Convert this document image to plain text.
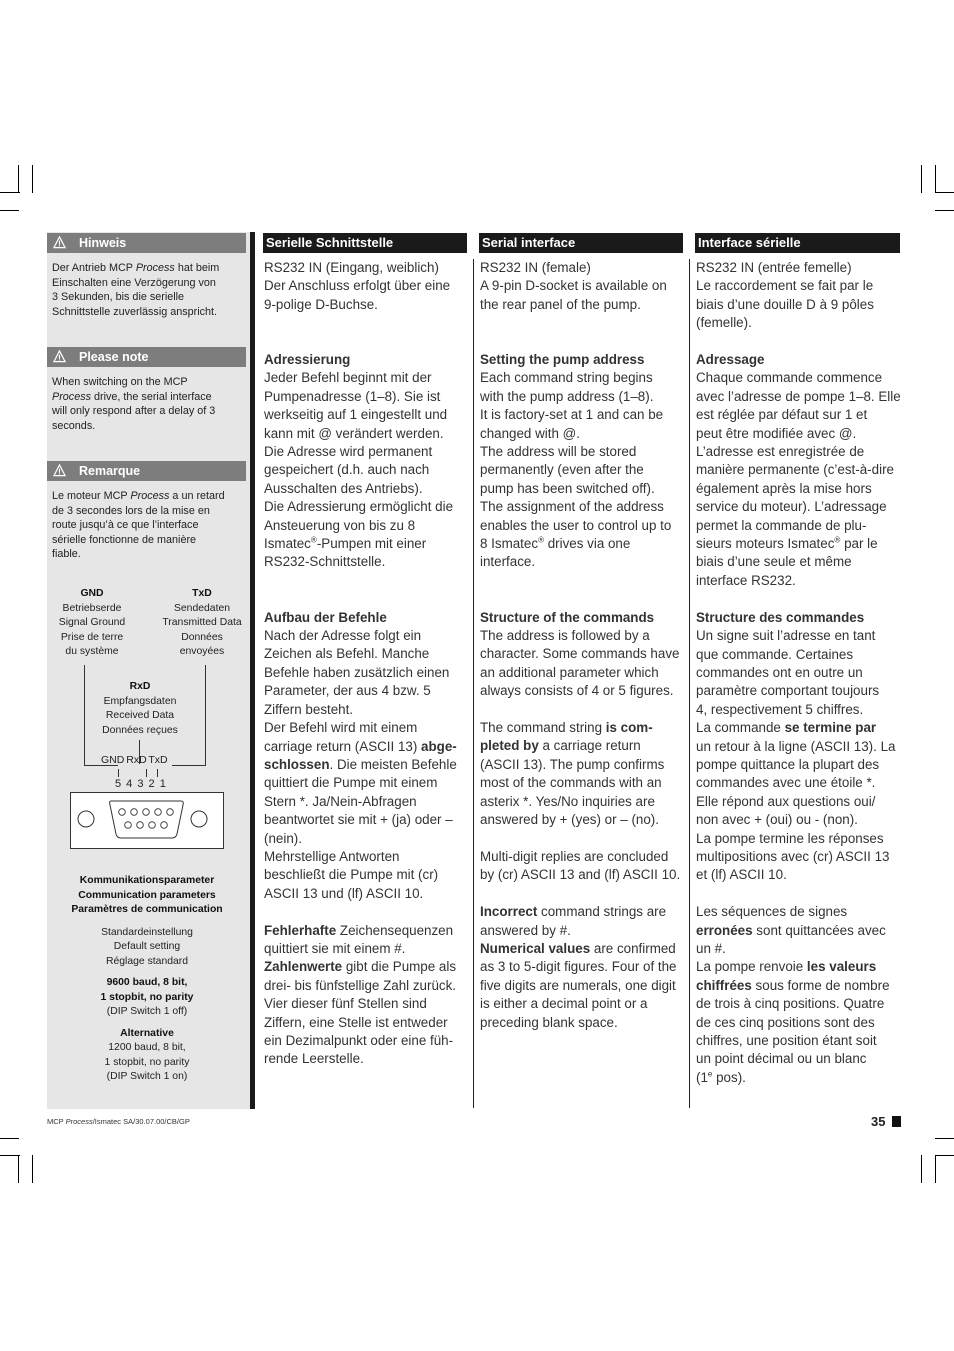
Hinweis
Der Antrieb MCP Process hat beim
Einschalten eine Verzögerung von
3 Sekunden, bis die serielle
Schnittstelle zuverlässig anspricht.
Please note
When switching on the MCP
Process drive, the serial interface
will only respond after a delay of 3
seconds.
Remarque
Le moteur MCP Process a un retard
de 3 secondes lors de la mise en
route jusqu’à ce que l’interface
sérielle fonctionne de manière
fiable.
GND
Betriebserde
Signal Ground
Prise de terre
du système
TxD
Sendedaten
Transmitted Data
Données
envoyées
RxD
Empfangsdaten
Received Data
Données reçues
GND RxD TxD
5 4 3 2 1
Kommunikationsparameter
Communication parameters
Paramètres de communication
Standardeinstellung
Default setting
Réglage standard
9600 baud, 8 bit,
1 stopbit, no parity
(DIP Switch 1 off)
Alternative
1200 baud, 8 bit,
1 stopbit, no parity
(DIP Switch 1 on)
Serielle Schnittstelle	Serial interface	Interface sérielle

RS232 IN (Eingang, weiblich)

Der Anschluss erfolgt über eine

9-polige D-Buchse.

Adressierung

Jeder Befehl beginnt mit der

Pumpenadresse (1–8). Sie ist

werkseitig auf 1 eingestellt und

kann mit @ verändert werden.

Die Adresse wird permanent

gespeichert (d.h. auch nach

Ausschalten des Antriebs).

Die Adressierung ermöglicht die

Ansteuerung von bis zu 8

Ismatec®-Pumpen mit einer

RS232-Schnittstelle.

Aufbau der Befehle

Nach der Adresse folgt ein

Zeichen als Befehl. Manche

Befehle haben zusätzlich einen

Parameter, der aus 4 bzw. 5

Ziffern besteht.

Der Befehl wird mit einem

carriage return (ASCII 13) abge-

schlossen. Die meisten Befehle

quittiert die Pumpe mit einem

Stern *. Ja/Nein-Abfragen

beantwortet sie mit + (ja) oder –

(nein).

Mehrstellige Antworten

beschließt die Pumpe mit (cr)

ASCII 13 und (lf) ASCII 10.

Fehlerhafte Zeichensequenzen

quittiert sie mit einem #.

Zahlenwerte gibt die Pumpe als

drei- bis fünfstellige Zahl zurück.

Vier dieser fünf Stellen sind

Ziffern, eine Stelle ist entweder

ein Dezimalpunkt oder eine füh-

rende Leerstelle.

RS232 IN (female)

A 9-pin D-socket is available on

the rear panel of the pump.

Setting the pump address

Each command string begins

with the pump address (1–8).

It is factory-set at 1 and can be

changed with @.

The address will be stored

permanently (even after the

pump has been switched off).

The assignment of the address

enables the user to control up to

8 Ismatec® drives via one

interface.

Structure of the commands

The address is followed by a

character. Some commands have

an additional parameter which

always consists of 4 or 5 figures.

The command string is com-

pleted by a carriage return

(ASCII 13). The pump confirms

most of the commands with an

asterix *. Yes/No inquiries are

answered by + (yes) or – (no).

Multi-digit replies are concluded

by (cr) ASCII 13 and (lf) ASCII 10.

Incorrect command strings are

answered by #.

Numerical values are confirmed

as 3 to 5-digit figures. Four of the

five digits are numerals, one digit

is either a decimal point or a

preceding blank space.

RS232 IN (entrée femelle)

Le raccordement se fait par le

biais d’une douille D à 9 pôles

(femelle).

Adressage

Chaque commande commence

avec l’adresse de pompe 1–8. Elle

est réglée par défaut sur 1 et

peut être modifiée avec @.

L’adresse est enregistrée de

manière permanente (c’est-à-dire

également après la mise hors

service du moteur). L’adressage

permet la commande de plu-

sieurs moteurs Ismatec® par le

biais d’une seule et même

interface RS232.

Structure des commandes

Un signe suit l’adresse en tant

que commande. Certaines

commandes ont en outre un

paramètre comportant toujours

4, respectivement 5 chiffres.

La commande se termine par

un retour à la ligne (ASCII 13). La

pompe quittance la plupart des

commandes avec une étoile *.

Elle répond aux questions oui/

non avec + (oui) ou - (non).

La pompe termine les réponses

multipositions avec (cr) ASCII 13

et (lf) ASCII 10.

Les séquences de signes

erronées sont quittancées avec

un #.

La pompe renvoie les valeurs

chiffrées sous forme de nombre

de trois à cinq positions. Quatre

de ces cinq positions sont des

chiffres, une position étant soit

un point décimal ou un blanc

(1e pos).

MCP Process/Ismatec SA/30.07.00/CB/GP	35
